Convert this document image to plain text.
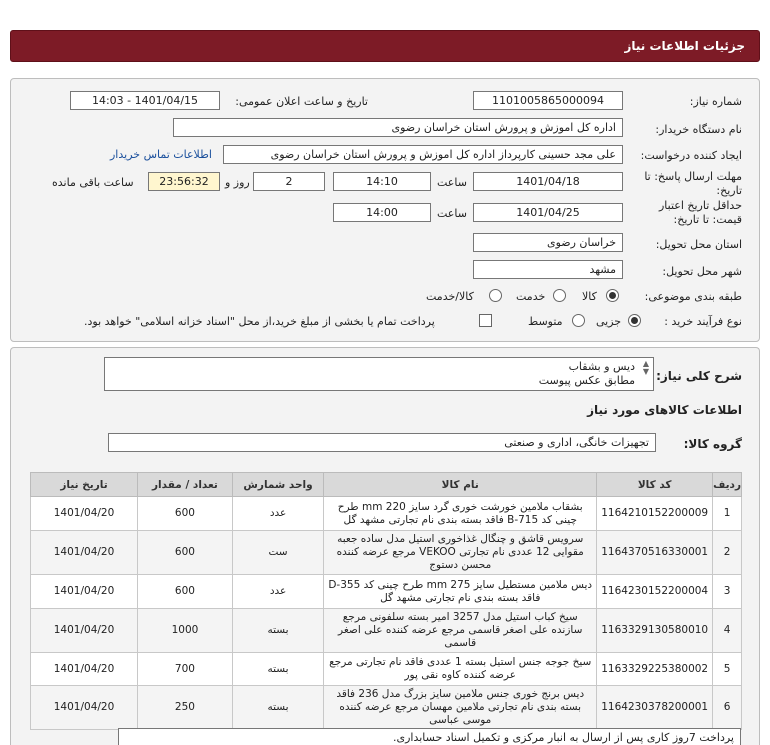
جزئیات اطلاعات نیاز
شماره نیاز:
1101005865000094
تاریخ و ساعت اعلان عمومی:
1401/04/15 - 14:03
نام دستگاه خریدار:
اداره کل اموزش و پرورش استان خراسان رضوی
ایجاد کننده درخواست:
علی مجد حسینی کارپرداز اداره کل اموزش و پرورش استان خراسان رضوی
اطلاعات تماس خریدار
مهلت ارسال پاسخ: تا
تاریخ:
1401/04/18
ساعت
14:10
2
روز و
23:56:32
ساعت باقی مانده
حداقل تاریخ اعتبار
قیمت: تا تاریخ:
1401/04/25
ساعت
14:00
استان محل تحویل:
خراسان رضوی
شهر محل تحویل:
مشهد
طبقه بندی موضوعی:
کالا
خدمت
کالا/خدمت
نوع فرآیند خرید :
جزیی
متوسط
پرداخت تمام یا بخشی از مبلغ خرید،از محل "اسناد خزانه اسلامی" خواهد بود.
شرح کلی نیاز:
دیس و بشقاب
مطابق عکس پیوست
▲
▼
اطلاعات کالاهای مورد نیاز
گروه کالا:
تجهیزات خانگی، اداری و صنعتی
ردیف	کد کالا	نام کالا	واحد شمارش	تعداد / مقدار	تاریخ نیاز
1	1164210152200009	بشقاب ملامین خورشت خوری گرد سایز mm 220 طرح چینی کد B-715 فاقد بسته بندی نام تجارتی مشهد گل	عدد	600	1401/04/20
2	1164370516330001	سرویس قاشق و چنگال غذاخوری استیل مدل ساده جعبه مقوایی 12 عددی نام تجارتی VEKOO مرجع عرضه کننده محسن دستوج	ست	600	1401/04/20
3	1164230152200004	دیس ملامین مستطیل سایز mm 275 طرح چینی کد D-355 فاقد بسته بندی نام تجارتی مشهد گل	عدد	600	1401/04/20
4	1163329130580010	سیخ کباب استیل مدل 3257 امیر بسته سلفونی مرجع سازنده علی اصغر قاسمی مرجع عرضه کننده علی اصغر قاسمی	بسته	1000	1401/04/20
5	1163329225380002	سیخ جوجه جنس استیل بسته 1 عددی فاقد نام تجارتی مرجع عرضه کننده کاوه نقی پور	بسته	700	1401/04/20
6	1164230378200001	دیس برنج خوری جنس ملامین سایز بزرگ مدل 236 فاقد بسته بندی نام تجارتی ملامین مهسان مرجع عرضه کننده موسی عباسی	بسته	250	1401/04/20
پرداخت 7روز کاری پس از ارسال به انبار مرکزی و تکمیل اسناد حسابداری.
